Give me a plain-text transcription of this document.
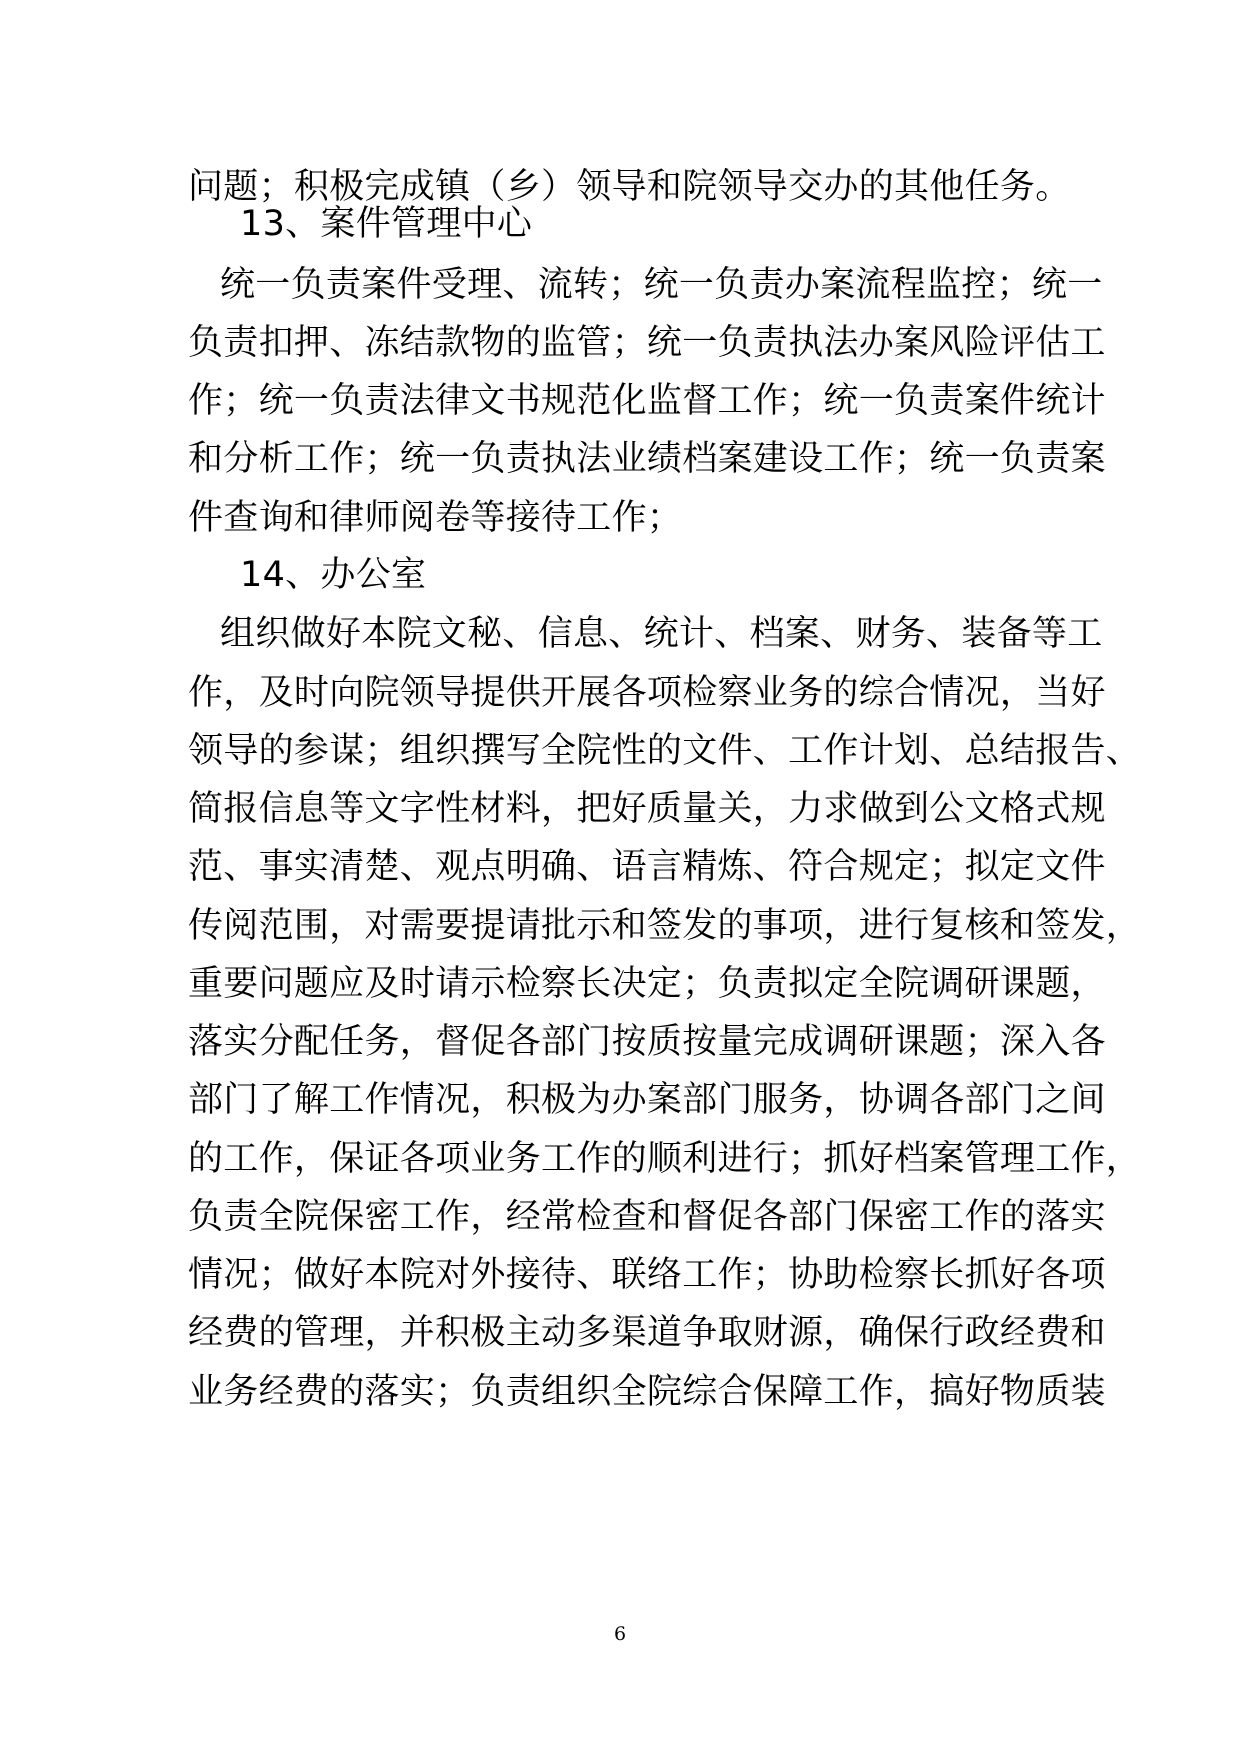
问题；积极完成镇（乡）领导和院领导交办的其他任务。
13、案件管理中心
统一负责案件受理、流转；统一负责办案流程监控；统一
负责扣押、冻结款物的监管；统一负责执法办案风险评估工
作；统一负责法律文书规范化监督工作；统一负责案件统计
和分析工作；统一负责执法业绩档案建设工作；统一负责案
件查询和律师阅卷等接待工作；
14、办公室
组织做好本院文秘、信息、统计、档案、财务、装备等工
作，及时向院领导提供开展各项检察业务的综合情况，当好
领导的参谋；组织撰写全院性的文件、工作计划、总结报告、
简报信息等文字性材料，把好质量关，力求做到公文格式规
范、事实清楚、观点明确、语言精炼、符合规定；拟定文件
传阅范围，对需要提请批示和签发的事项，进行复核和签发，
重要问题应及时请示检察长决定；负责拟定全院调研课题，
落实分配任务，督促各部门按质按量完成调研课题；深入各
部门了解工作情况，积极为办案部门服务，协调各部门之间
的工作，保证各项业务工作的顺利进行；抓好档案管理工作，
负责全院保密工作，经常检查和督促各部门保密工作的落实
情况；做好本院对外接待、联络工作；协助检察长抓好各项
经费的管理，并积极主动多渠道争取财源，确保行政经费和
业务经费的落实；负责组织全院综合保障工作，搞好物质装
6
